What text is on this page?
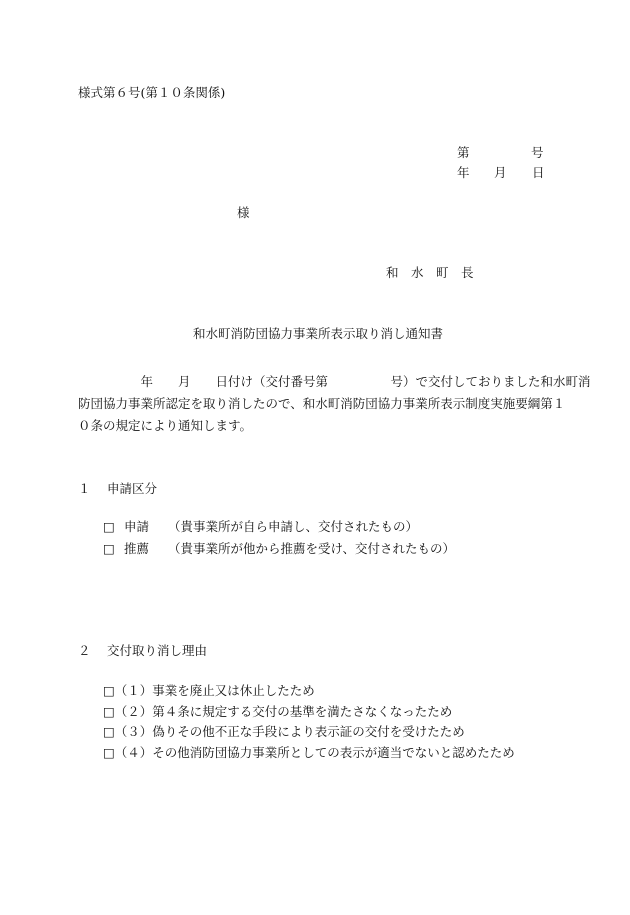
様式第６号(第１０条関係)
第	号
年 月 日
様
和　水　町　長
和水町消防団協力事業所表示取り消し通知書
　　　　　年　　月　　日付け（交付番号第　　　　　号）で交付しておりました和水町消
防団協力事業所認定を取り消したので、和水町消防団協力事業所表示制度実施要綱第１
０条の規定により通知します。
１　 申請区分
□ 申請 （貴事業所が自ら申請し、交付されたもの）
□ 推薦 （貴事業所が他から推薦を受け、交付されたもの）
２　 交付取り消し理由
□（１）事業を廃止又は休止したため
□（２）第４条に規定する交付の基準を満たさなくなったため
□（３）偽りその他不正な手段により表示証の交付を受けたため
□（４）その他消防団協力事業所としての表示が適当でないと認めたため
